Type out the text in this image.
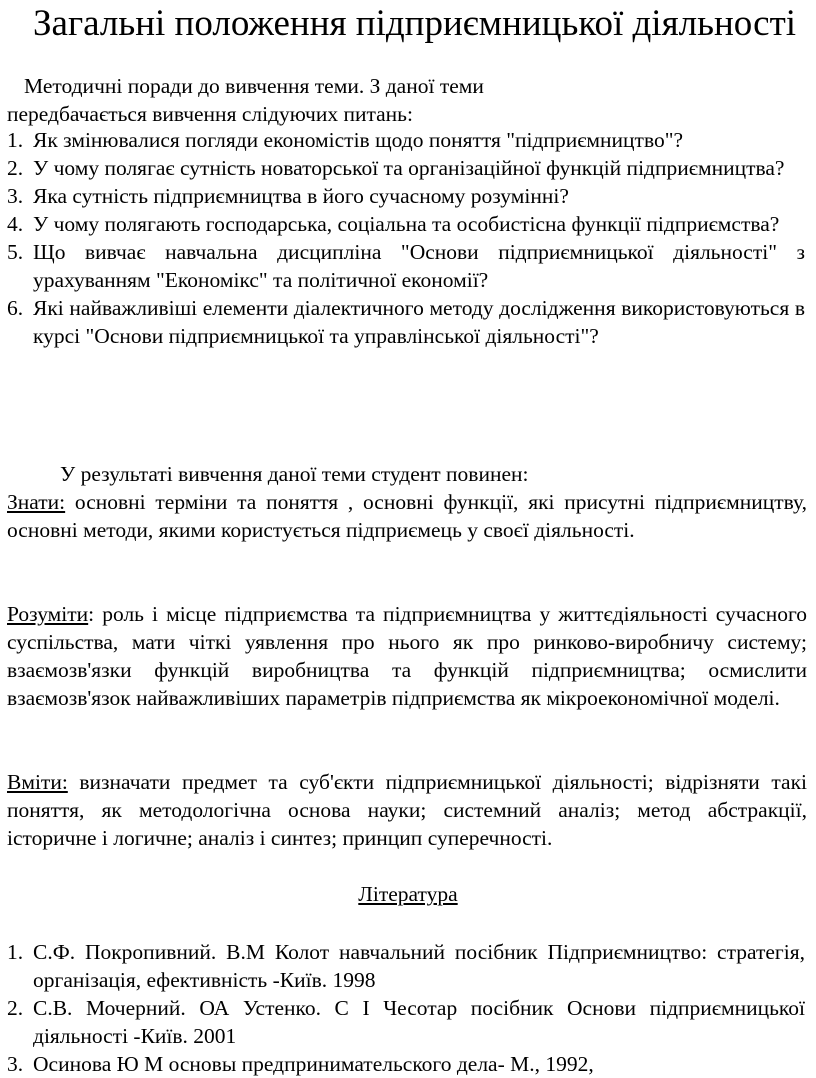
Загальні положення підприємницької діяльності
Методичні поради до вивчення теми. З даної теми
передбачається вивчення слідуючих питань:
1. Як змінювалися погляди економістів щодо поняття "підприємництво"?
2. У чому полягає сутність новаторської та організаційної функцій підприємництва?
3. Яка сутність підприємництва в його сучасному розумінні?
4. У чому полягають господарська, соціальна та особистісна функції підприємства?
5. Що вивчає навчальна дисципліна "Основи підприємницької діяльності" з урахуванням "Економікс" та політичної економії?
6. Які найважливіші елементи діалектичного методу дослідження використовуються в курсі "Основи підприємницької та управлінської діяльності"?
У результаті вивчення даної теми студент повинен:
Знати: основні терміни та поняття , основні функції, які присутні підприємництву, основні методи, якими користується підприємець у своєї діяльності.
Розуміти: роль і місце підприємства та підприємництва у життєдіяльності сучасного суспільства, мати чіткі уявлення про нього як про ринково-виробничу систему; взаємозв'язки функцій виробництва та функцій підприємництва; осмислити взаємозв'язок найважливіших параметрів підприємства як мікроекономічної моделі.
Вміти: визначати предмет та суб'єкти підприємницької діяльності; відрізняти такі поняття, як методологічна основа науки; системний аналіз; метод абстракції, історичне і логичне; аналіз і синтез; принцип суперечності.
Література
1. С.Ф. Покропивний. В.М Колот навчальний посібник Підприємництво: стратегія, організація, ефективність -Київ. 1998
2. С.В. Мочерний. ОА Устенко. С І Чесотар посібник Основи підприємницької діяльності -Київ. 2001
3. Осинова Ю М основы предпринимательского дела- М., 1992,
